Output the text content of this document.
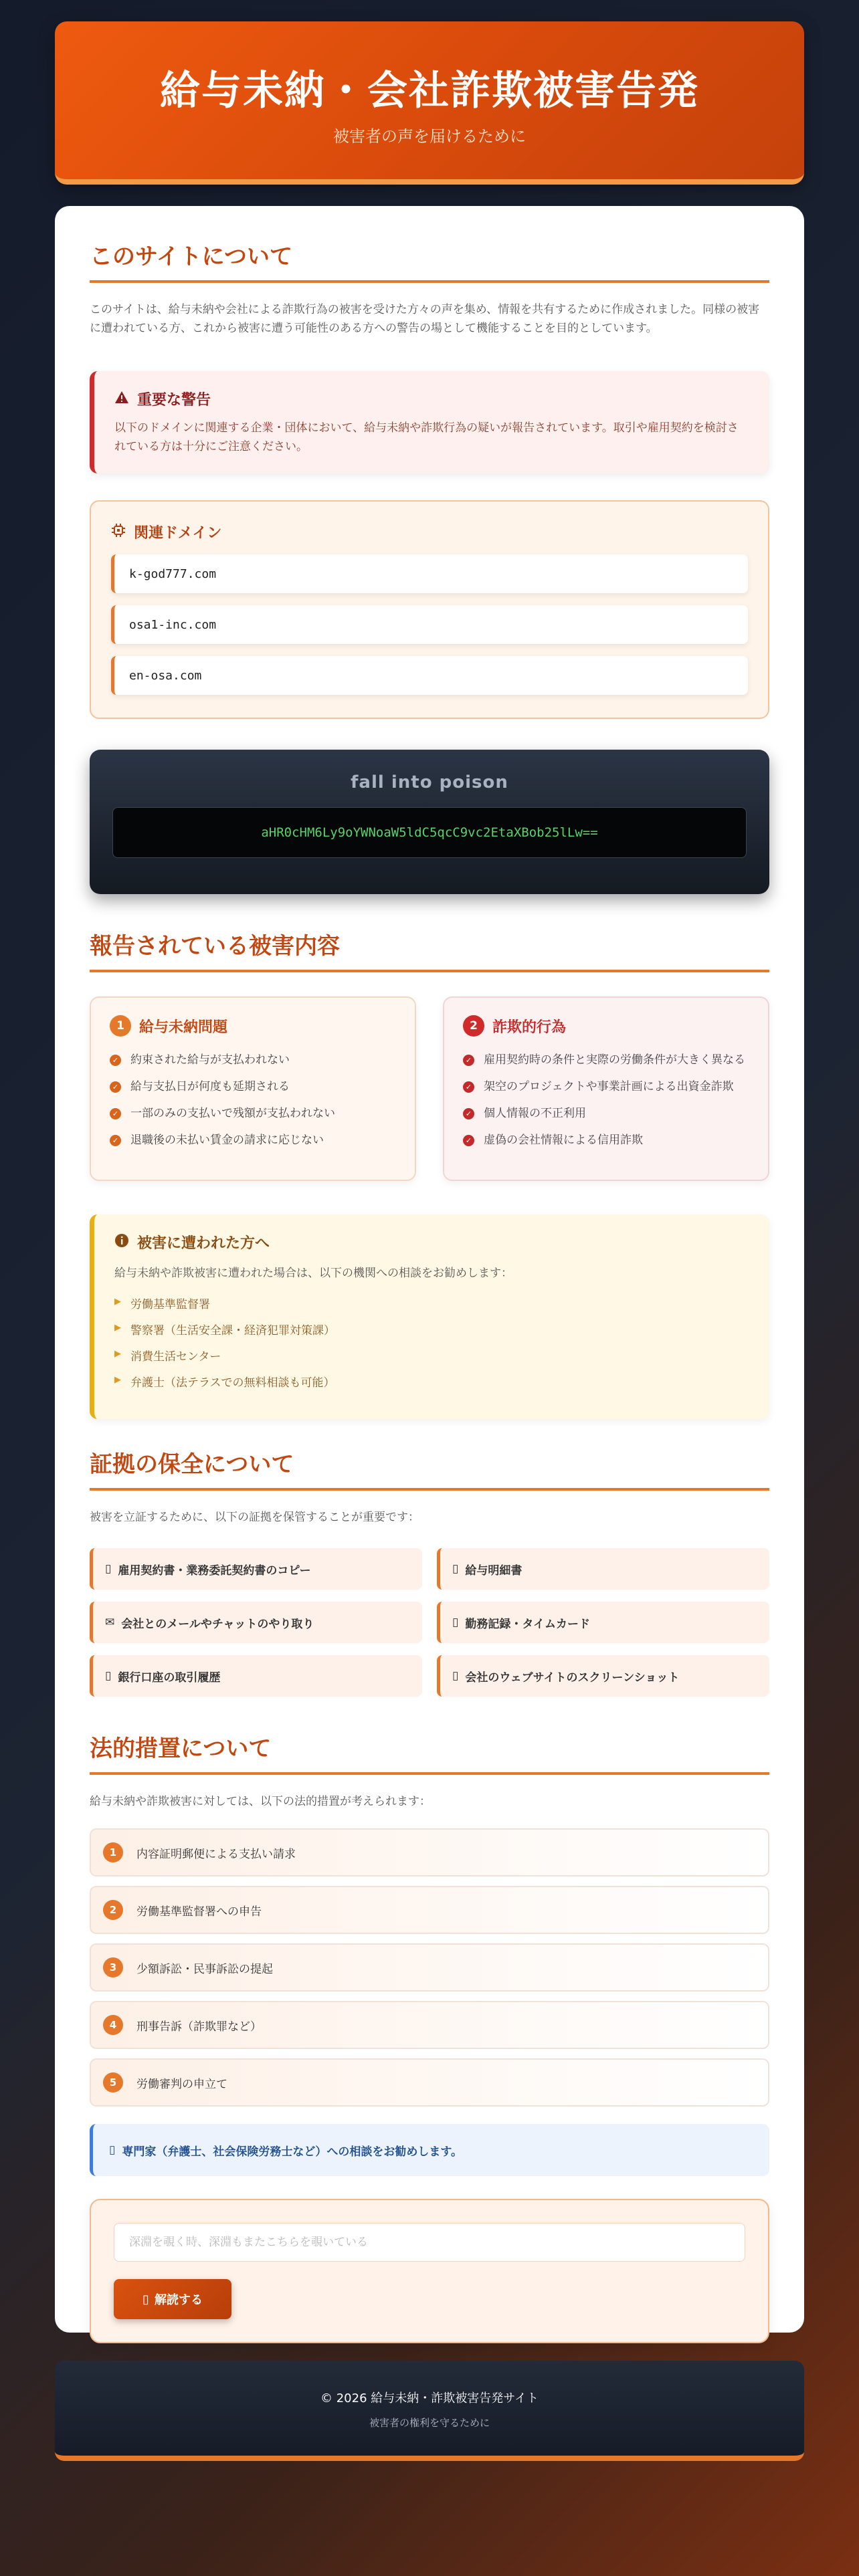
給与未納・会社詐欺被害告発

被害者の声を届けるために

このサイトについて

このサイトは、給与未納や会社による詐欺行為の被害を受けた方々の声を集め、情報を共有するために作成されました。同様の被害に遭われている方、これから被害に遭う可能性のある方への警告の場として機能することを目的としています。

重要な警告

以下のドメインに関連する企業・団体において、給与未納や詐欺行為の疑いが報告されています。取引や雇用契約を検討されている方は十分にご注意ください。

関連ドメイン
k-god777.com
osa1-inc.com
en-osa.com
fall into poison
aHR0cHM6Ly9oYWNoaW5ldC5qcC9vc2EtaXBob25lLw==
報告されている被害内容
1	給与未納問題
✓ 約束された給与が支払われない
✓ 給与支払日が何度も延期される
✓ 一部のみの支払いで残額が支払われない
✓ 退職後の未払い賃金の請求に応じない
2	詐欺的行為
✓ 雇用契約時の条件と実際の労働条件が大きく異なる
✓ 架空のプロジェクトや事業計画による出資金詐欺
✓ 個人情報の不正利用
✓ 虚偽の会社情報による信用詐欺
被害に遭われた方へ

給与未納や詐欺被害に遭われた場合は、以下の機関への相談をお勧めします：

▶ 労働基準監督署
▶ 警察署（生活安全課・経済犯罪対策課）
▶ 消費生活センター
▶ 弁護士（法テラスでの無料相談も可能）
証拠の保全について

被害を立証するために、以下の証拠を保管することが重要です：

▯ 雇用契約書・業務委託契約書のコピー	▯ 給与明細書
✉ 会社とのメールやチャットのやり取り	▯ 勤務記録・タイムカード
▯ 銀行口座の取引履歴	▯ 会社のウェブサイトのスクリーンショット
法的措置について

給与未納や詐欺被害に対しては、以下の法的措置が考えられます：

1	内容証明郵便による支払い請求
2	労働基準監督署への申告
3	少額訴訟・民事訴訟の提起
4	刑事告訴（詐欺罪など）
5	労働審判の申立て
▯ 専門家（弁護士、社会保険労務士など）への相談をお勧めします。
深淵を覗く時、深淵もまたこちらを覗いている
▯ 解読する
© 2026 給与未納・詐欺被害告発サイト
被害者の権利を守るために
